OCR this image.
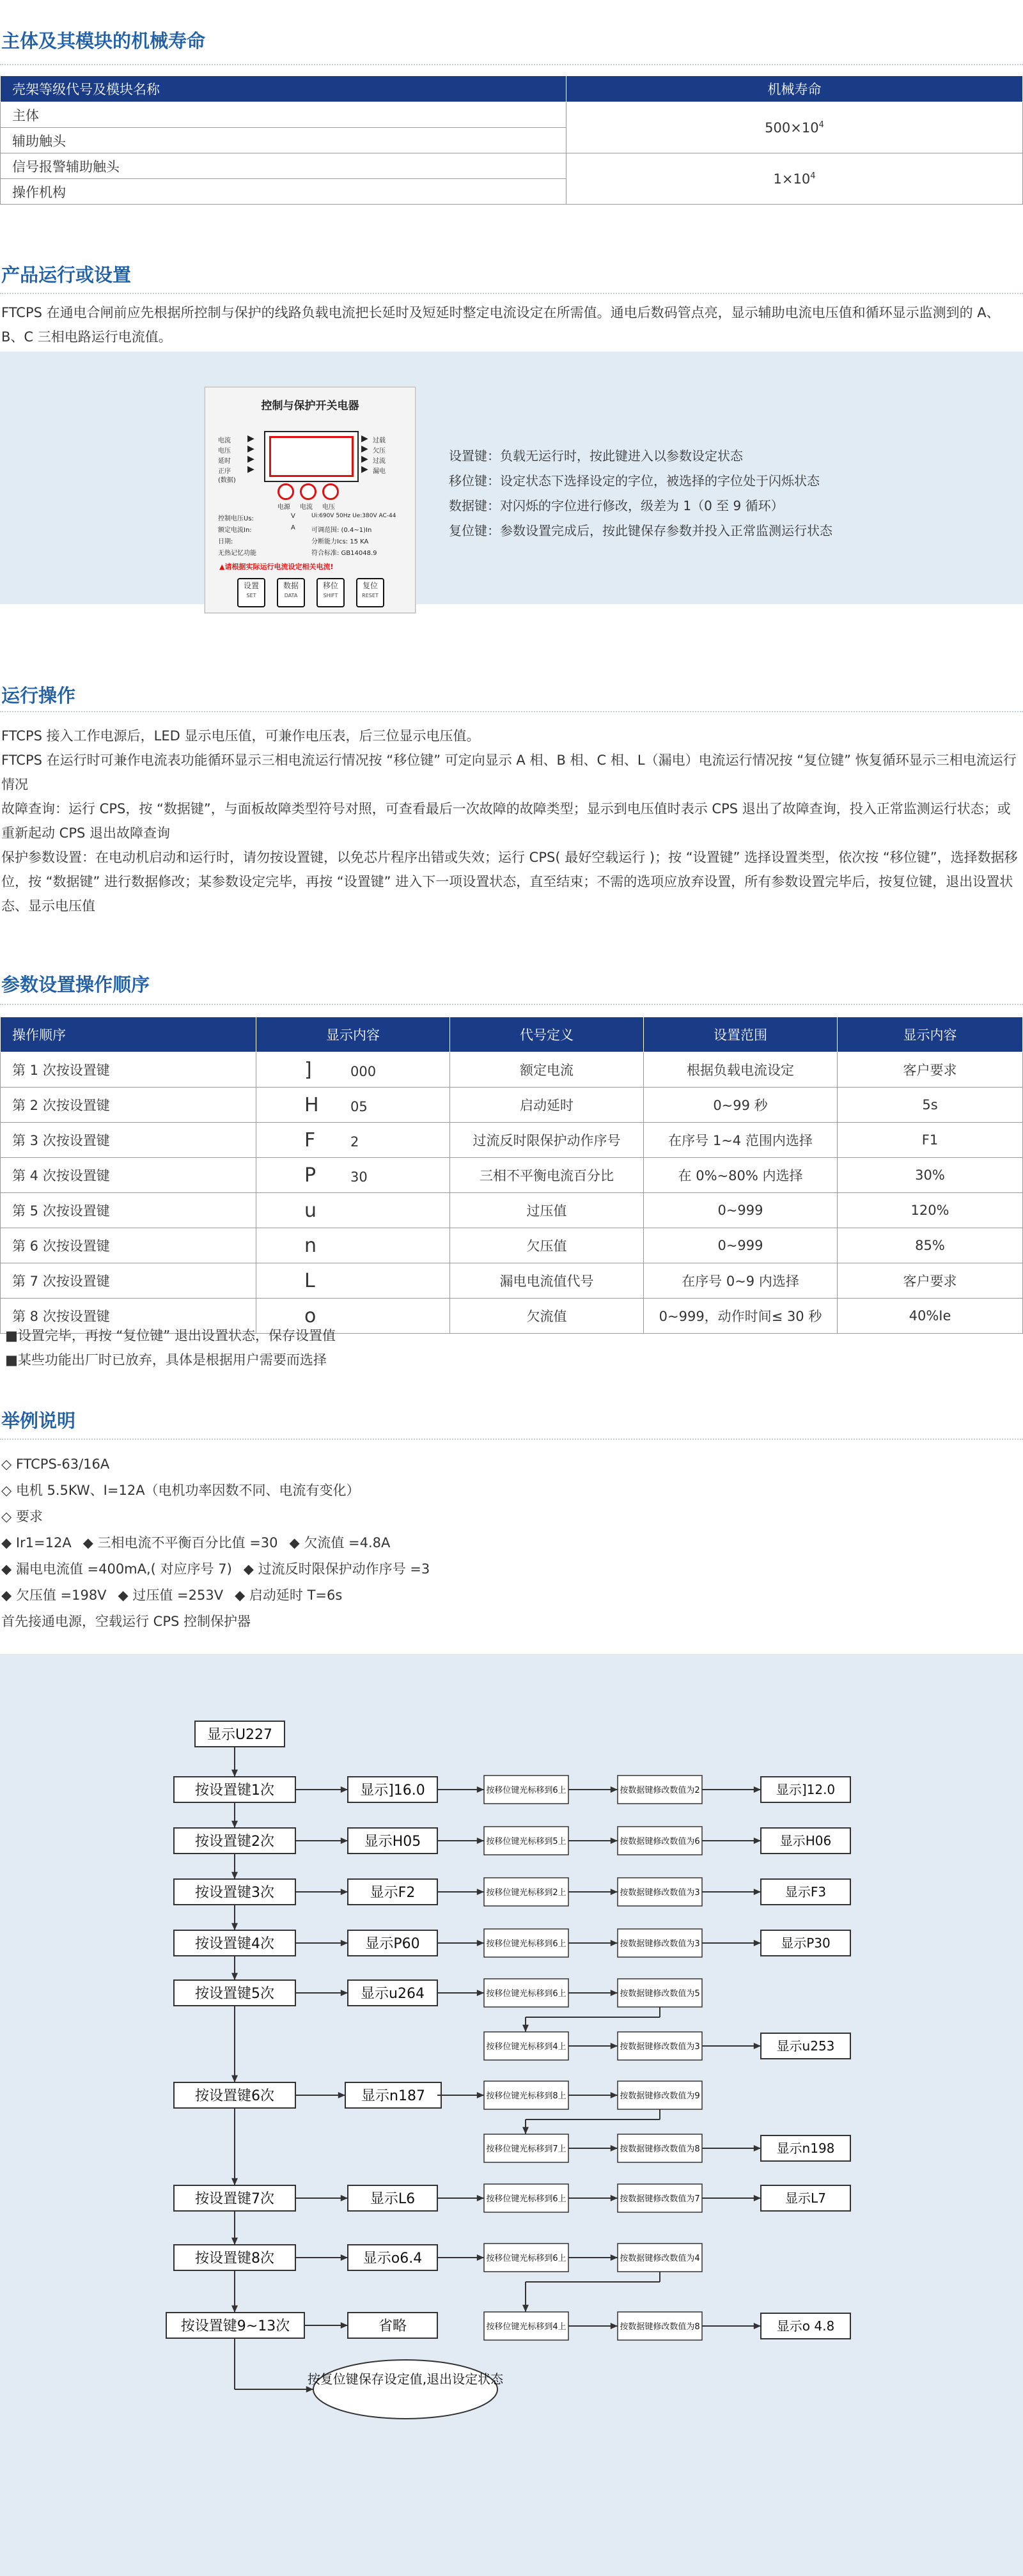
主体及其模块的机械寿命
壳架等级代号及模块名称	机械寿命
主体	$500\times 10^4$
辅助触头	
信号报警辅助触头	$1\times 10^4$
操作机构	
产品运行或设置
FTCPS 在通电合闸前应先根据所控制与保护的线路负载电流把长延时及短延时整定电流设定在所需值。通电后数码管点亮，显示辅助电流电压值和循环显示监测到的 A、B、C 三相电路运行电流值。
控制与保护开关电器
电流
电压
延时
正序
(数据)
▶
▶
▶
▶
▶
▶
▶
▶
过载
欠压
过流
漏电
电源 电流 电压
控制电压Us:
额定电流In:
日期:
无热记忆功能
V
A
Ui:690V 50Hz Ue:380V AC-44
可调范围: (0.4~1)In
分断能力Ics: 15 KA
符合标准: GB14048.9
▲请根据实际运行电流设定相关电流!
设置
SET
数据
DATA
移位
SHIFT
复位
RESET
设置键：负载无运行时，按此键进入以参数设定状态
移位键：设定状态下选择设定的字位，被选择的字位处于闪烁状态
数据键：对闪烁的字位进行修改，级差为 1（0 至 9 循环）
复位键：参数设置完成后，按此键保存参数并投入正常监测运行状态
运行操作

FTCPS 接入工作电源后，LED 显示电压值，可兼作电压表，后三位显示电压值。

FTCPS 在运行时可兼作电流表功能循环显示三相电流运行情况按 “移位键” 可定向显示 A 相、B 相、C 相、L（漏电）电流运行情况按 “复位键” 恢复循环显示三相电流运行情况

故障查询：运行 CPS，按 “数据键”，与面板故障类型符号对照，可查看最后一次故障的故障类型；显示到电压值时表示 CPS 退出了故障查询，投入正常监测运行状态；或重新起动 CPS 退出故障查询

保护参数设置：在电动机启动和运行时，请勿按设置键，以免芯片程序出错或失效；运行 CPS( 最好空载运行 )；按 “设置键” 选择设置类型，依次按 “移位键”，选择数据移位，按 “数据键” 进行数据修改；某参数设定完毕，再按 “设置键” 进入下一项设置状态，直至结束；不需的选项应放弃设置，所有参数设置完毕后，按复位键，退出设置状态、显示电压值

参数设置操作顺序
操作顺序	显示内容	代号定义	设置范围	显示内容
第 1 次按设置键	] 000	额定电流	根据负载电流设定	客户要求
第 2 次按设置键	H 05	启动延时	0~99 秒	5s
第 3 次按设置键	F 2	过流反时限保护动作序号	在序号 1~4 范围内选择	F1
第 4 次按设置键	P 30	三相不平衡电流百分比	在 0%~80% 内选择	30%
第 5 次按设置键	u	过压值	0~999	120%
第 6 次按设置键	n	欠压值	0~999	85%
第 7 次按设置键	L	漏电电流值代号	在序号 0~9 内选择	客户要求
第 8 次按设置键	o	欠流值	0~999，动作时间≤ 30 秒	40%Ie
■设置完毕，再按 “复位键” 退出设置状态，保存设置值
■某些功能出厂时已放弃，具体是根据用户需要而选择
举例说明
◇ FTCPS-63/16A
◇ 电机 5.5KW、I=12A（电机功率因数不同、电流有变化）
◇ 要求
◆ Ir1=12A ◆ 三相电流不平衡百分比值 =30 ◆ 欠流值 =4.8A
◆ 漏电电流值 =400mA,( 对应序号 7) ◆ 过流反时限保护动作序号 =3
◆ 欠压值 =198V ◆ 过压值 =253V ◆ 启动延时 T=6s
首先接通电源，空载运行 CPS 控制保护器
显示U227
按设置键1次	显示]16.0
按设置键2次	显示H05
按设置键3次	显示F2
按设置键4次	显示P60
按设置键5次	显示u264
按设置键6次	显示n187
按设置键7次	显示L6
按设置键8次	显示o6.4
按设置键9~13次	省略
按移位键光标移到6上	按数据键修改数值为2	显示]12.0
按移位键光标移到5上	按数据键修改数值为6	显示H06
按移位键光标移到2上	按数据键修改数值为3	显示F3
按移位键光标移到6上	按数据键修改数值为3	显示P30
按移位键光标移到6上	按数据键修改数值为5
按移位键光标移到4上	按数据键修改数值为3	显示u253
按移位键光标移到8上	按数据键修改数值为9
按移位键光标移到7上	按数据键修改数值为8	显示n198
按移位键光标移到6上	按数据键修改数值为7	显示L7
按移位键光标移到6上	按数据键修改数值为4
按移位键光标移到4上	按数据键修改数值为8	显示o 4.8
按复位键保存设定值,退出设定状态
